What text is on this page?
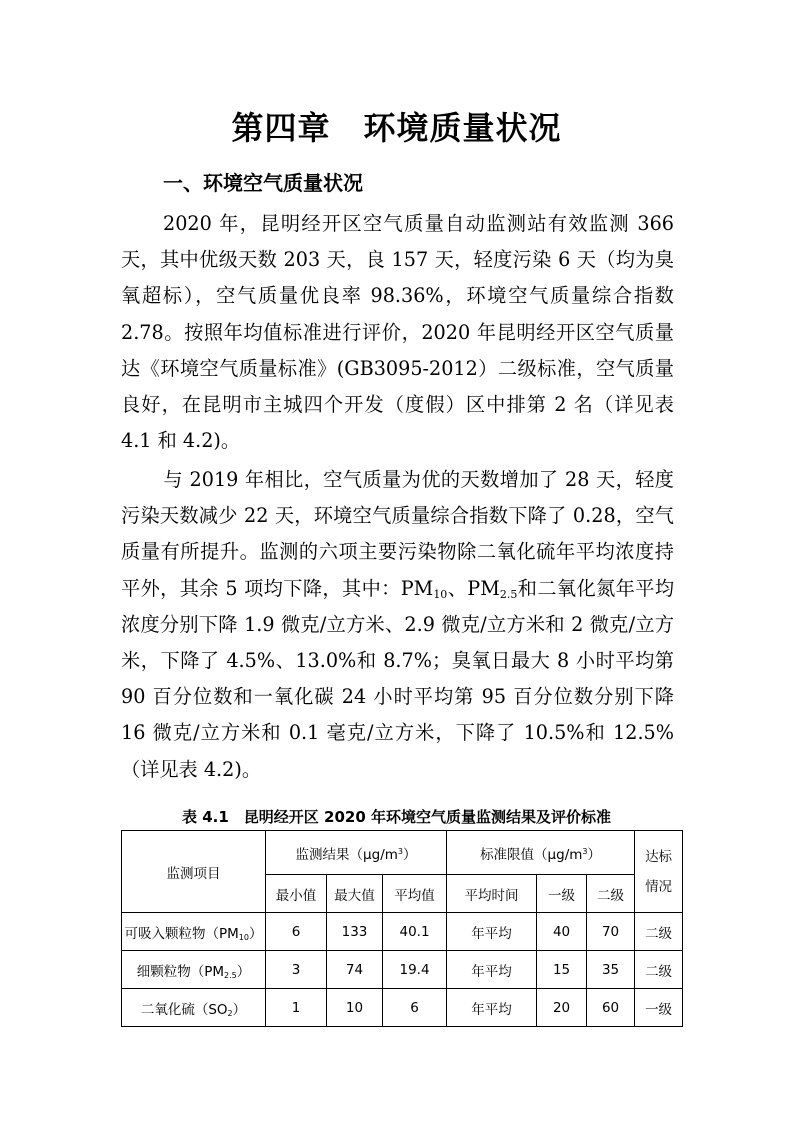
第四章　环境质量状况
一、环境空气质量状况
2020 年，昆明经开区空气质量自动监测站有效监测 366 天，其中优级天数 203 天，良 157 天，轻度污染 6 天（均为臭氧超标），空气质量优良率 98.36%，环境空气质量综合指数 2.78。按照年均值标准进行评价，2020 年昆明经开区空气质量达《环境空气质量标准》(GB3095-2012）二级标准，空气质量良好，在昆明市主城四个开发（度假）区中排第 2 名（详见表 4.1 和 4.2)。
与 2019 年相比，空气质量为优的天数增加了 28 天，轻度污染天数减少 22 天，环境空气质量综合指数下降了 0.28，空气质量有所提升。监测的六项主要污染物除二氧化硫年平均浓度持平外，其余 5 项均下降，其中：$PM_{10}$、$PM_{2.5}$和二氧化氮年平均浓度分别下降 1.9 微克/立方米、2.9 微克/立方米和 2 微克/立方米，下降了 4.5%、13.0%和 8.7%；臭氧日最大 8 小时平均第 90 百分位数和一氧化碳 24 小时平均第 95 百分位数分别下降 16 微克/立方米和 0.1 毫克/立方米，下降了 10.5%和 12.5%（详见表 4.2)。
表 4.1　昆明经开区 2020 年环境空气质量监测结果及评价标准
监测项目	监测结果$(\mu g/m^3)$			标准限值$(\mu g/m^3)$			达标
情况
	最小值	最大值	平均值	平均时间	一级	二级	
可吸入颗粒物$(PM_{10})$	6	133	40.1	年平均	40	70	二级
细颗粒物$(PM_{2.5})$	3	74	19.4	年平均	15	35	二级
二氧化硫$(SO_2)$	1	10	6	年平均	20	60	一级
